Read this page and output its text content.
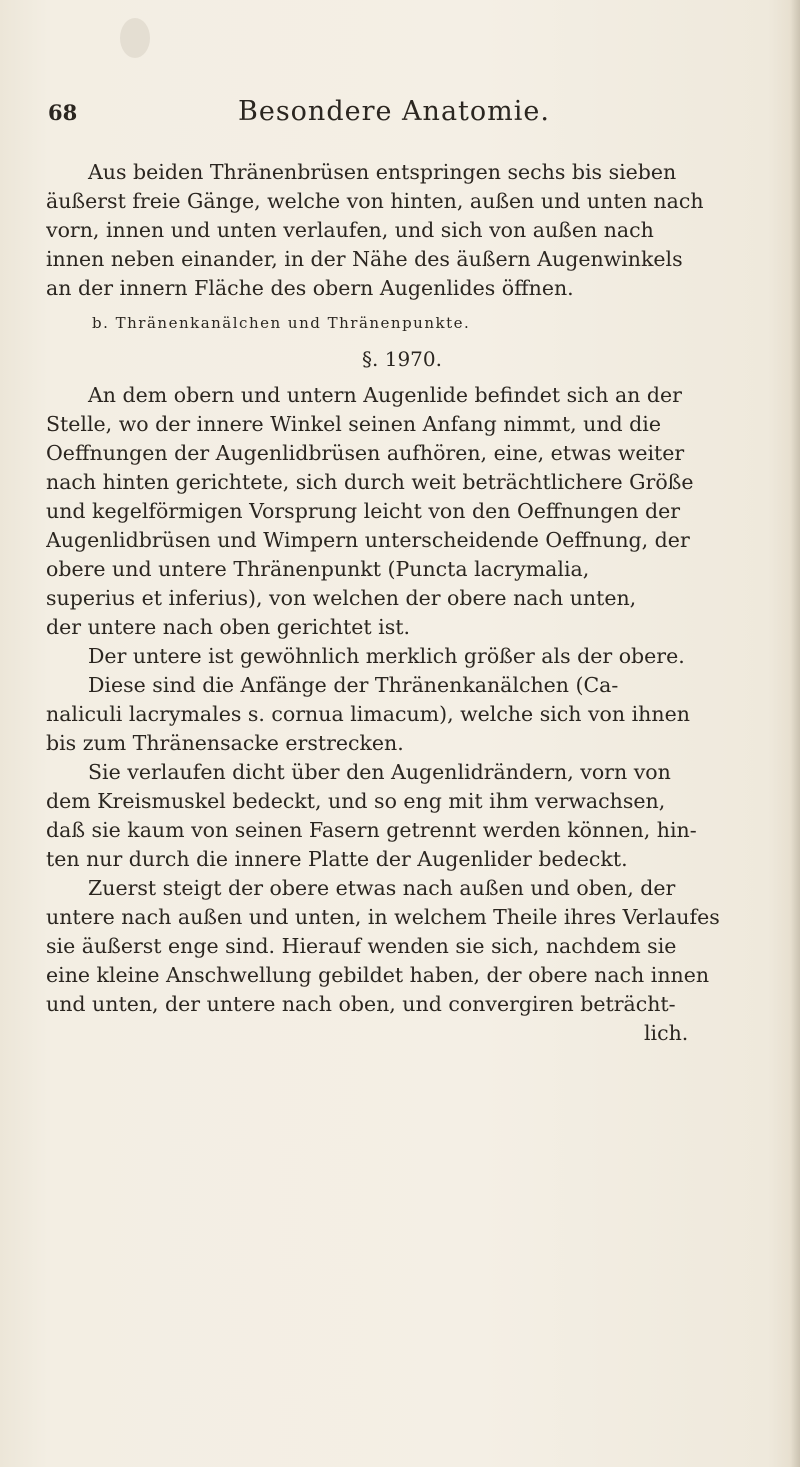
68	Besondere Anatomie.
Aus beiden Thränenbrüsen entspringen sechs bis sieben
äußerst freie Gänge, welche von hinten, außen und unten nach
vorn, innen und unten verlaufen, und sich von außen nach
innen neben einander, in der Nähe des äußern Augenwinkels
an der innern Fläche des obern Augenlides öffnen.
b. Thränenkanälchen und Thränenpunkte.
§. 1970.
An dem obern und untern Augenlide befindet sich an der
Stelle, wo der innere Winkel seinen Anfang nimmt, und die
Oeffnungen der Augenlidbrüsen aufhören, eine, etwas weiter
nach hinten gerichtete, sich durch weit beträchtlichere Größe
und kegelförmigen Vorsprung leicht von den Oeffnungen der
Augenlidbrüsen und Wimpern unterscheidende Oeffnung, der
obere und untere Thränenpunkt (Puncta lacrymalia,
superius et inferius), von welchen der obere nach unten,
der untere nach oben gerichtet ist.
Der untere ist gewöhnlich merklich größer als der obere.
Diese sind die Anfänge der Thränenkanälchen (Ca-
naliculi lacrymales s. cornua limacum), welche sich von ihnen
bis zum Thränensacke erstrecken.
Sie verlaufen dicht über den Augenlidrändern, vorn von
dem Kreismuskel bedeckt, und so eng mit ihm verwachsen,
daß sie kaum von seinen Fasern getrennt werden können, hin-
ten nur durch die innere Platte der Augenlider bedeckt.
Zuerst steigt der obere etwas nach außen und oben, der
untere nach außen und unten, in welchem Theile ihres Verlaufes
sie äußerst enge sind. Hierauf wenden sie sich, nachdem sie
eine kleine Anschwellung gebildet haben, der obere nach innen
und unten, der untere nach oben, und convergiren beträcht-
lich.
